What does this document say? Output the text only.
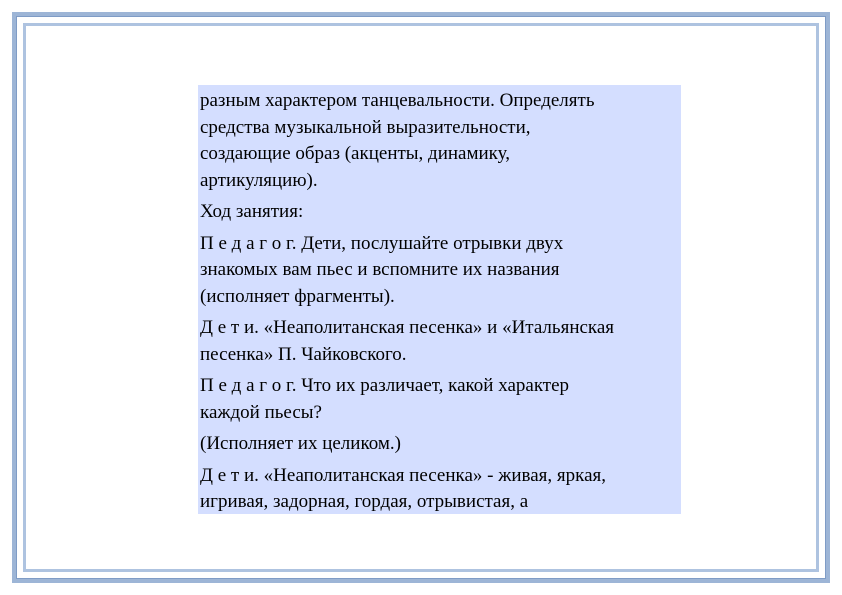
разным характером танцевальности. Определять
средства музыкальной выразительности,
создающие образ (акценты, динамику,
артикуляцию).
Ход занятия:
П е д а г о г. Дети, послушайте отрывки двух
знакомых вам пьес и вспомните их названия
(исполняет фрагменты).
Д е т и. «Неаполитанская песенка» и «Итальянская
песенка» П. Чайковского.
П е д а г о г. Что их различает, какой характер
каждой пьесы?
(Исполняет их целиком.)
Д е т и. «Неаполитанская песенка» - живая, яркая,
игривая, задорная, гордая, отрывистая, а
